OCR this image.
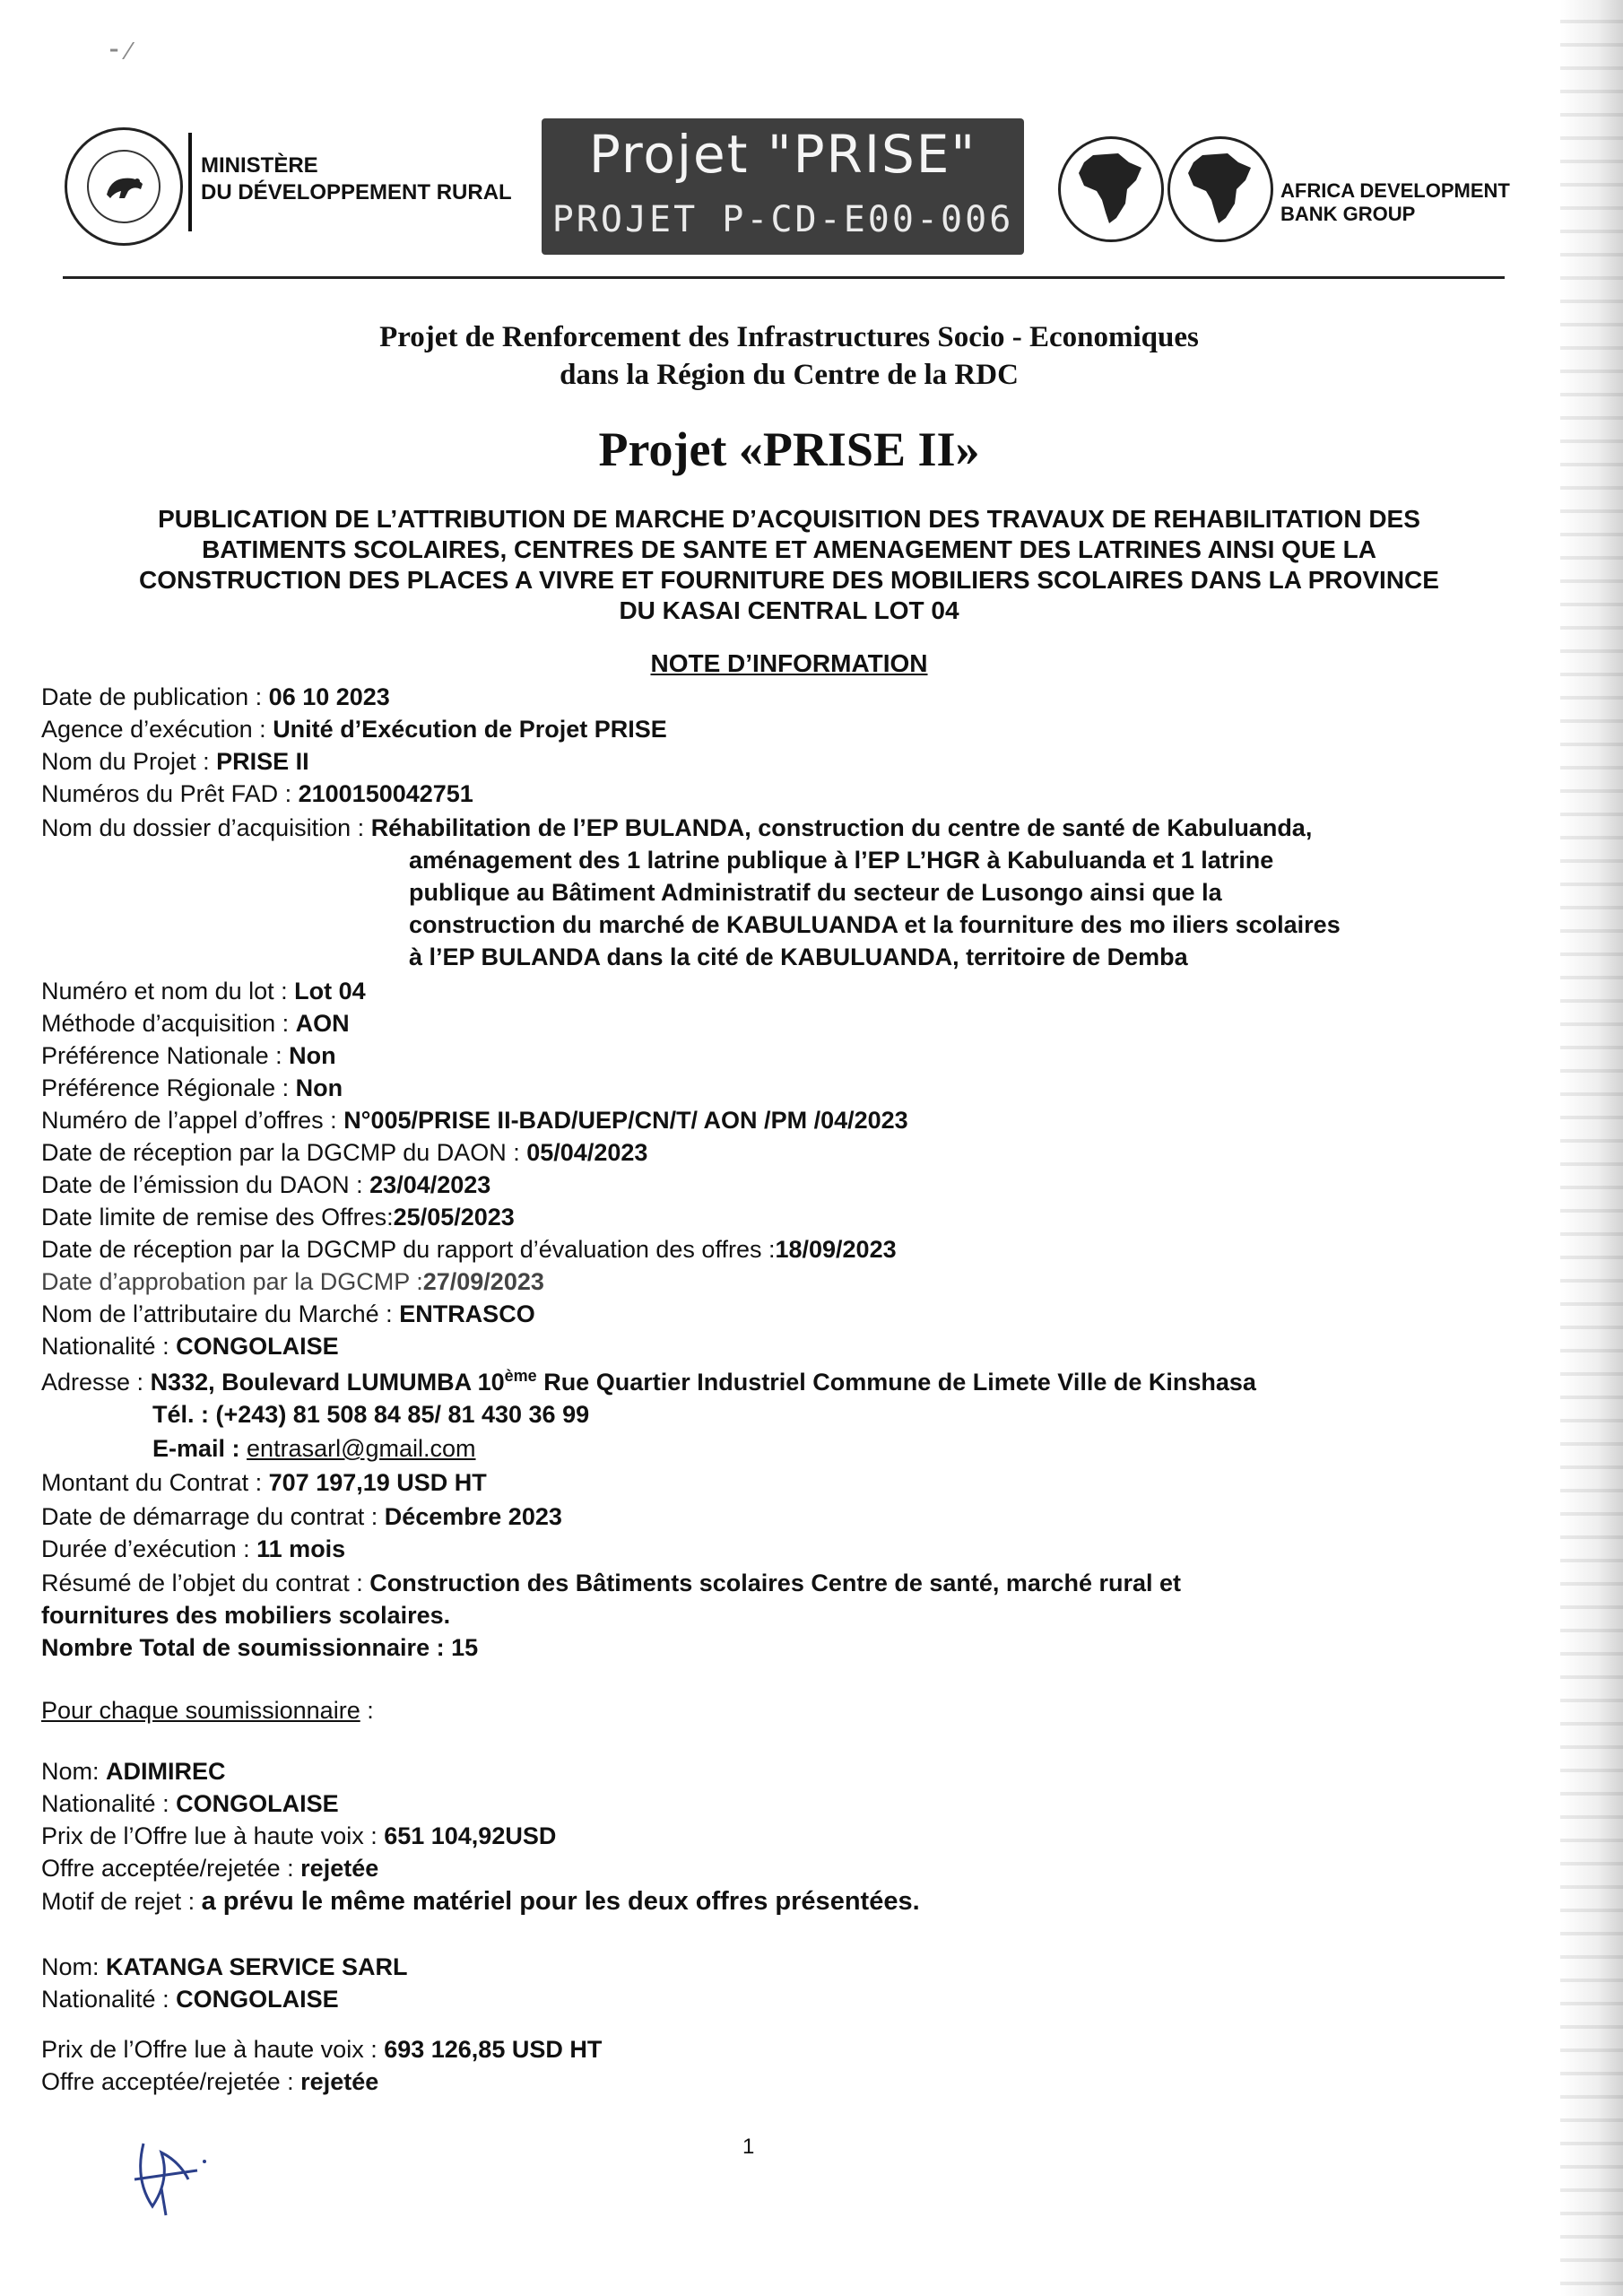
⁃ ⁄
MINISTÈRE
DU DÉVELOPPEMENT RURAL
Projet "PRISE"
PROJET P-CD-E00-006
AFRICA DEVELOPMENT
BANK GROUP
Projet de Renforcement des Infrastructures Socio - Economiques
dans la Région du Centre de la RDC
Projet «PRISE II»
PUBLICATION DE L’ATTRIBUTION DE MARCHE D’ACQUISITION DES TRAVAUX DE REHABILITATION DES
BATIMENTS SCOLAIRES, CENTRES DE SANTE ET AMENAGEMENT DES LATRINES AINSI QUE LA
CONSTRUCTION DES PLACES A VIVRE ET FOURNITURE DES MOBILIERS SCOLAIRES DANS LA PROVINCE
DU KASAI CENTRAL LOT 04
NOTE D’INFORMATION
Date de publication : 06 10 2023
Agence d’exécution : Unité d’Exécution de Projet PRISE
Nom du Projet : PRISE II
Numéros du Prêt FAD : 2100150042751
Nom du dossier d’acquisition : Réhabilitation de l’EP BULANDA, construction du centre de santé de Kabuluanda,
aménagement des 1 latrine publique à l’EP L’HGR à Kabuluanda et 1 latrine
publique au Bâtiment Administratif du secteur de Lusongo ainsi que la
construction du marché de KABULUANDA et la fourniture des mo iliers scolaires
à l’EP BULANDA dans la cité de KABULUANDA, territoire de Demba
Numéro et nom du lot : Lot 04
Méthode d’acquisition : AON
Préférence Nationale : Non
Préférence Régionale : Non
Numéro de l’appel d’offres : N°005/PRISE II-BAD/UEP/CN/T/ AON /PM /04/2023
Date de réception par la DGCMP du DAON : 05/04/2023
Date de l’émission du DAON : 23/04/2023
Date limite de remise des Offres:25/05/2023
Date de réception par la DGCMP du rapport d’évaluation des offres :18/09/2023
Date d’approbation par la DGCMP :27/09/2023
Nom de l’attributaire du Marché : ENTRASCO
Nationalité : CONGOLAISE
Adresse : N332, Boulevard LUMUMBA 10ème Rue Quartier Industriel Commune de Limete Ville de Kinshasa
Tél. : (+243) 81 508 84 85/ 81 430 36 99
E-mail : entrasarl@gmail.com
Montant du Contrat : 707 197,19 USD HT
Date de démarrage du contrat : Décembre 2023
Durée d’exécution : 11 mois
Résumé de l’objet du contrat : Construction des Bâtiments scolaires Centre de santé, marché rural et
fournitures des mobiliers scolaires.
Nombre Total de soumissionnaire : 15
Pour chaque soumissionnaire :
Nom: ADIMIREC
Nationalité : CONGOLAISE
Prix de l’Offre lue à haute voix : 651 104,92USD
Offre acceptée/rejetée : rejetée
Motif de rejet : a prévu le même matériel pour les deux offres présentées.
Nom: KATANGA SERVICE SARL
Nationalité : CONGOLAISE
Prix de l’Offre lue à haute voix : 693 126,85 USD HT
Offre acceptée/rejetée : rejetée
1
